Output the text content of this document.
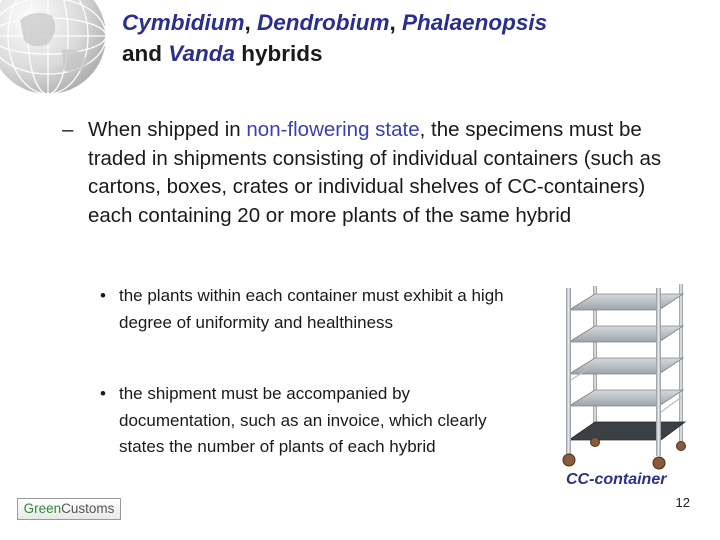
Cymbidium, Dendrobium, Phalaenopsis
and Vanda hybrids
– When shipped in non-flowering state, the specimens must be traded in shipments consisting of individual containers (such as cartons, boxes, crates or individual shelves of CC-containers) each containing 20 or more plants of the same hybrid
• the plants within each container must exhibit a high degree of uniformity and healthiness
• the shipment must be accompanied by documentation, such as an invoice, which clearly states the number of plants of each hybrid
CC-container
GreenCustoms	12
